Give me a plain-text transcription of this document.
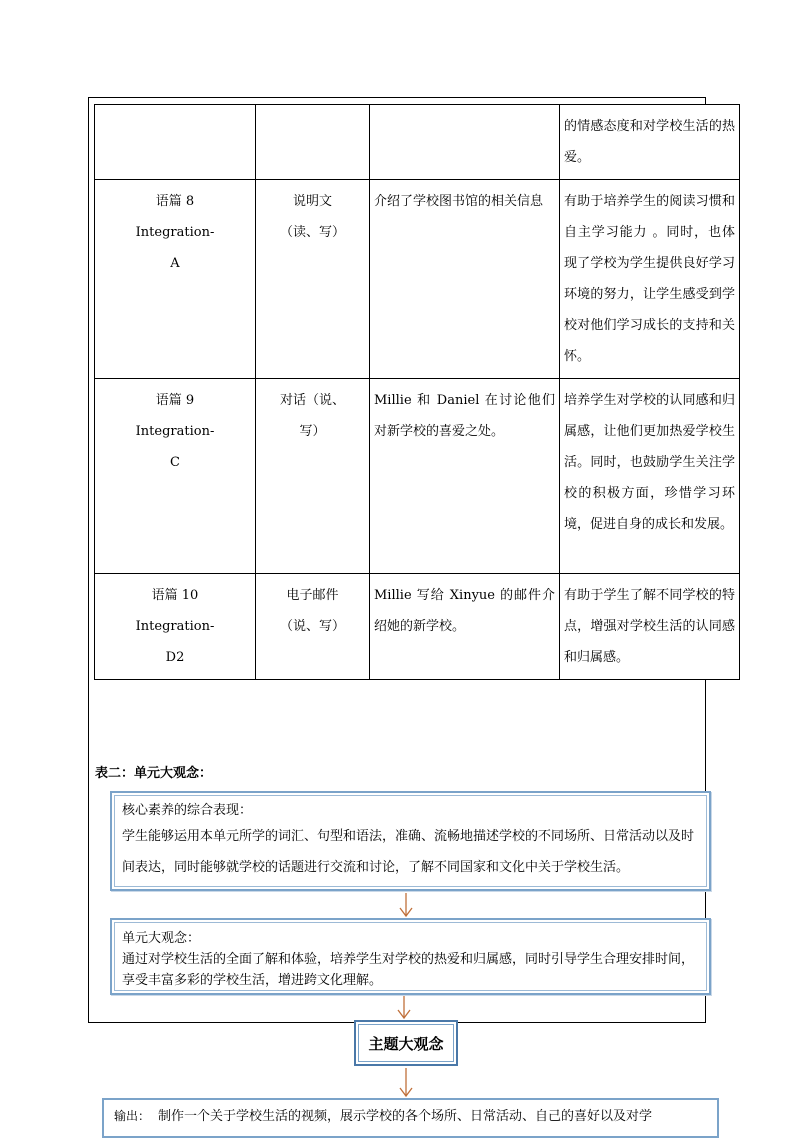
			的情感态度和对学校生活的热爱。
语篇 8 Integration-A	说明文（读、写）	介绍了学校图书馆的相关信息	有助于培养学生的阅读习惯和自主学习能力 。同时，也体现了学校为学生提供良好学习环境的努力，让学生感受到学校对他们学习成长的支持和关怀。
语篇 9 Integration-C	对话（说、写）	Millie 和 Daniel 在讨论他们对新学校的喜爱之处。	培养学生对学校的认同感和归属感，让他们更加热爱学校生活。同时，也鼓励学生关注学校的积极方面，珍惜学习环境，促进自身的成长和发展。
语篇 10 Integration-D2	电子邮件（说、写）	Millie 写给 Xinyue 的邮件介绍她的新学校。	有助于学生了解不同学校的特点，增强对学校生活的认同感和归属感。
表二：单元大观念：
核心素养的综合表现：
学生能够运用本单元所学的词汇、句型和语法，准确、流畅地描述学校的不同场所、日常活动以及时间表达，同时能够就学校的话题进行交流和讨论，了解不同国家和文化中关于学校生活。
单元大观念：
通过对学校生活的全面了解和体验，培养学生对学校的热爱和归属感，同时引导学生合理安排时间，享受丰富多彩的学校生活，增进跨文化理解。
主题大观念
输出： 制作一个关于学校生活的视频，展示学校的各个场所、日常活动、自己的喜好以及对学
